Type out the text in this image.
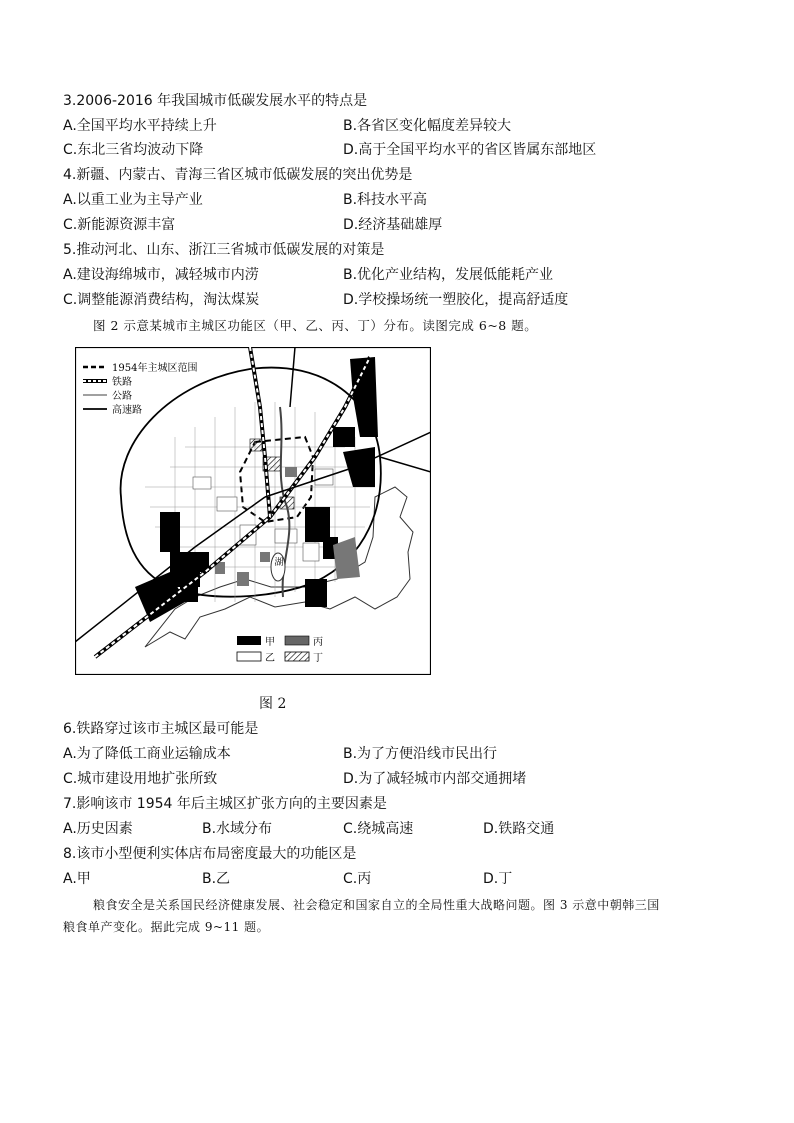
3.2006-2016 年我国城市低碳发展水平的特点是
A.全国平均水平持续上升	B.各省区变化幅度差异较大
C.东北三省均波动下降	D.高于全国平均水平的省区皆属东部地区
4.新疆、内蒙古、青海三省区城市低碳发展的突出优势是
A.以重工业为主导产业	B.科技水平高
C.新能源资源丰富	D.经济基础雄厚
5.推动河北、山东、浙江三省城市低碳发展的对策是
A.建设海绵城市，减轻城市内涝	B.优化产业结构，发展低能耗产业
C.调整能源消费结构，淘汰煤炭	D.学校操场统一塑胶化，提高舒适度
图 2 示意某城市主城区功能区（甲、乙、丙、丁）分布。读图完成 6~8 题。
湖
1954年主城区范围
铁路
公路
高速路
甲	丙
乙	丁
图 2
6.铁路穿过该市主城区最可能是
A.为了降低工商业运输成本	B.为了方便沿线市民出行
C.城市建设用地扩张所致	D.为了减轻城市内部交通拥堵
7.影响该市 1954 年后主城区扩张方向的主要因素是
A.历史因素	B.水域分布	C.绕城高速	D.铁路交通
8.该市小型便利实体店布局密度最大的功能区是
A.甲	B.乙	C.丙	D.丁
粮食安全是关系国民经济健康发展、社会稳定和国家自立的全局性重大战略问题。图 3 示意中朝韩三国
粮食单产变化。据此完成 9~11 题。
